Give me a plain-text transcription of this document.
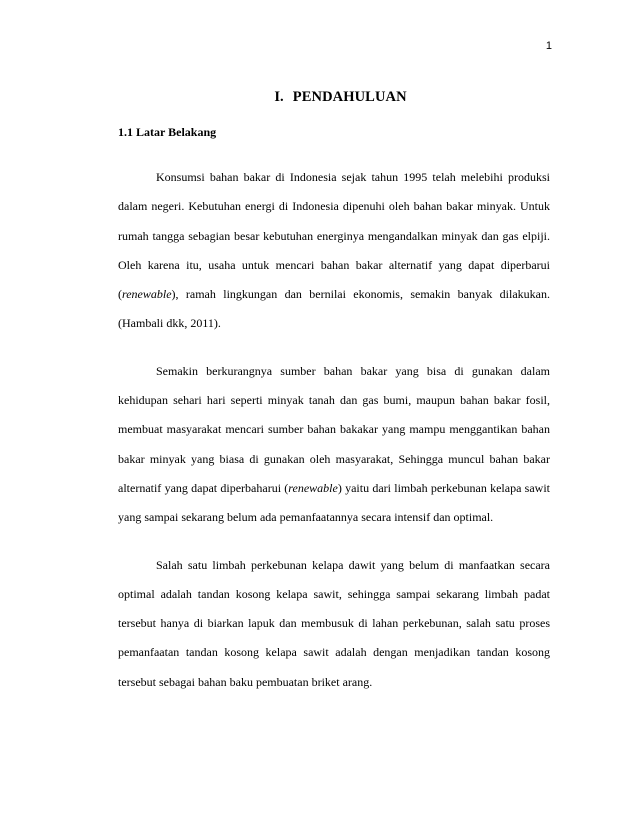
1
I. PENDAHULUAN
1.1 Latar Belakang

Konsumsi bahan bakar di Indonesia sejak tahun 1995 telah melebihi produksi dalam negeri. Kebutuhan energi di Indonesia dipenuhi oleh bahan bakar minyak. Untuk rumah tangga sebagian besar kebutuhan energinya mengandalkan minyak dan gas elpiji. Oleh karena itu, usaha untuk mencari bahan bakar alternatif yang dapat diperbarui (renewable), ramah lingkungan dan bernilai ekonomis, semakin banyak dilakukan. (Hambali dkk, 2011).

Semakin berkurangnya sumber bahan bakar yang bisa di gunakan dalam kehidupan sehari hari seperti minyak tanah dan gas bumi, maupun bahan bakar fosil, membuat masyarakat mencari sumber bahan bakakar yang mampu menggantikan bahan bakar minyak yang biasa di gunakan oleh masyarakat, Sehingga muncul bahan bakar alternatif yang dapat diperbaharui (renewable) yaitu dari limbah perkebunan kelapa sawit yang sampai sekarang belum ada pemanfaatannya secara intensif dan optimal.

Salah satu limbah perkebunan kelapa dawit yang belum di manfaatkan secara optimal adalah tandan kosong kelapa sawit, sehingga sampai sekarang limbah padat tersebut hanya di biarkan lapuk dan membusuk di lahan perkebunan, salah satu proses pemanfaatan tandan kosong kelapa sawit adalah dengan menjadikan tandan kosong tersebut sebagai bahan baku pembuatan briket arang.
